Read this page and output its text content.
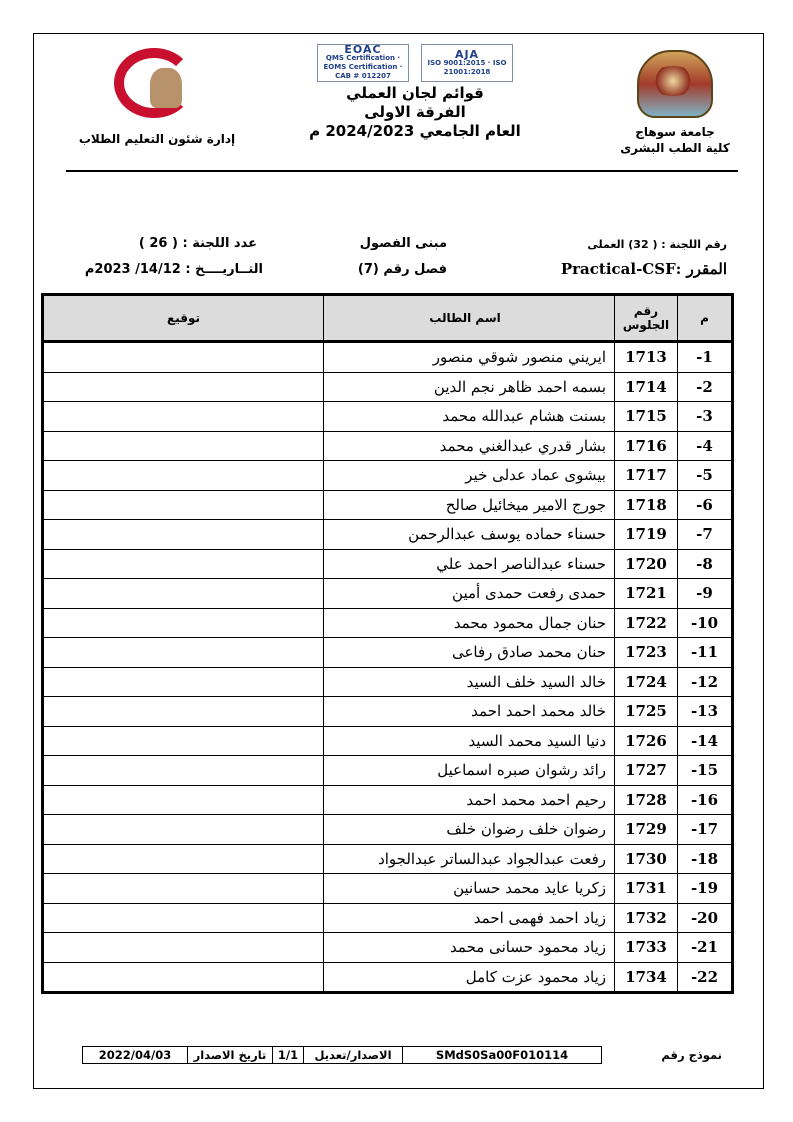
جامعة سوهاج
كلية الطب البشرى
EOAC
QMS Certification · EOMS Certification · CAB # 012207
AJA
ISO 9001:2015 · ISO 21001:2018
قوائم لجان العملي
الفرقة الاولى
العام الجامعي 2024/2023 م
إدارة شئون التعليم الطلاب
رقم اللجنة : ( 32) العملى
المقرر :Practical-CSF
مبنى الفصول
فصل رقم (7)
عدد اللجنة : ( 26 )
التــاريــــخ : 14/12/ 2023م
م	رقم الجلوس	اسم الطالب	توقيع
-1	1713	ايريني منصور شوقي منصور	
-2	1714	بسمه احمد ظاهر نجم الدين	
-3	1715	بسنت هشام عبدالله محمد	
-4	1716	بشار قدري عبدالغني محمد	
-5	1717	بيشوى عماد عدلى خير	
-6	1718	جورج الامير ميخائيل صالح	
-7	1719	حسناء حماده يوسف عبدالرحمن	
-8	1720	حسناء عبدالناصر احمد علي	
-9	1721	حمدى رفعت حمدى أمين	
-10	1722	حنان جمال محمود محمد	
-11	1723	حنان محمد صادق رفاعى	
-12	1724	خالد السيد خلف السيد	
-13	1725	خالد محمد احمد احمد	
-14	1726	دنيا السيد محمد السيد	
-15	1727	رائد رشوان صبره اسماعيل	
-16	1728	رحيم احمد محمد احمد	
-17	1729	رضوان خلف رضوان خلف	
-18	1730	رفعت عبدالجواد عبدالساتر عبدالجواد	
-19	1731	زكريا عايد محمد حسانين	
-20	1732	زياد احمد فهمى احمد	
-21	1733	زياد محمود حسانى محمد	
-22	1734	زياد محمود عزت كامل	
نموذج رقم	SMdS0Sa00F010114	الاصدار/تعديل	1/1	تاريخ الاصدار	2022/04/03
